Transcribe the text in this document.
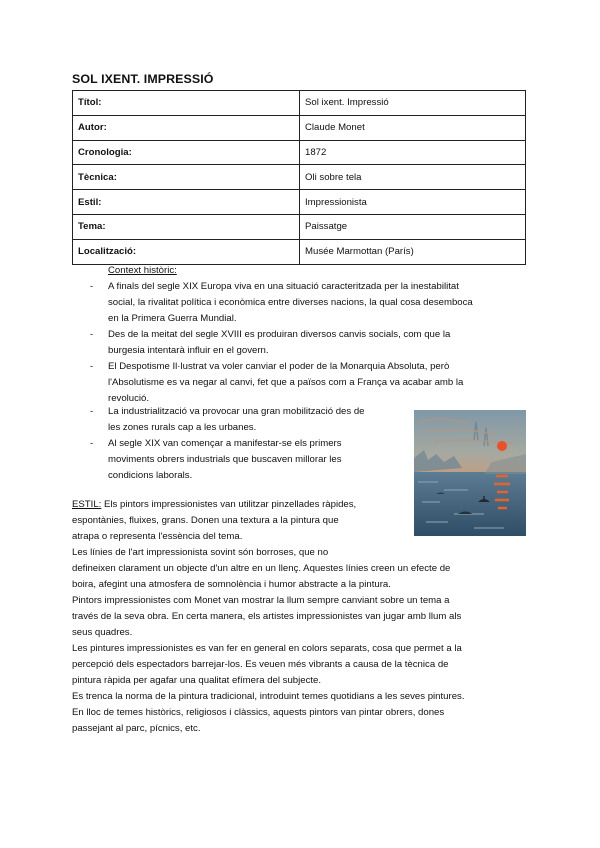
SOL IXENT. IMPRESSIÓ
Títol:	Sol ixent. Impressió
Autor:	Claude Monet
Cronologia:	1872
Tècnica:	Oli sobre tela
Estil:	Impressionista
Tema:	Paissatge
Localització:	Musée Marmottan (París)
Context històric:
- A finals del segle XIX Europa viva en una situació caracteritzada per la inestabilitat
social, la rivalitat política i econòmica entre diverses nacions, la qual cosa desemboca
en la Primera Guerra Mundial.
- Des de la meitat del segle XVIII es produiran diversos canvis socials, com que la
burgesia intentarà influir en el govern.
- El Despotisme Il·lustrat va voler canviar el poder de la Monarquia Absoluta, però
l'Absolutisme es va negar al canvi, fet que a països com a França va acabar amb la
revolució.
- La industrialització va provocar una gran mobilització des de
les zones rurals cap a les urbanes.
- Al segle XIX van començar a manifestar-se els primers
moviments obrers industrials que buscaven millorar les
condicions laborals.
ESTIL: Els pintors impressionistes van utilitzar pinzellades ràpides,
espontànies, fluixes, grans. Donen una textura a la pintura que
atrapa o representa l'essència del tema.
Les línies de l'art impressionista sovint són borroses, que no
defineixen clarament un objecte d'un altre en un llenç. Aquestes línies creen un efecte de
boira, afegint una atmosfera de somnolència i humor abstracte a la pintura.
Pintors impressionistes com Monet van mostrar la llum sempre canviant sobre un tema a
través de la seva obra. En certa manera, els artistes impressionistes van jugar amb llum als
seus quadres.
Les pintures impressionistes es van fer en general en colors separats, cosa que permet a la
percepció dels espectadors barrejar-los. Es veuen més vibrants a causa de la tècnica de
pintura ràpida per agafar una qualitat efímera del subjecte.
Es trenca la norma de la pintura tradicional, introduint temes quotidians a les seves pintures.
En lloc de temes històrics, religiosos i clàssics, aquests pintors van pintar obrers, dones
passejant al parc, pícnics, etc.
